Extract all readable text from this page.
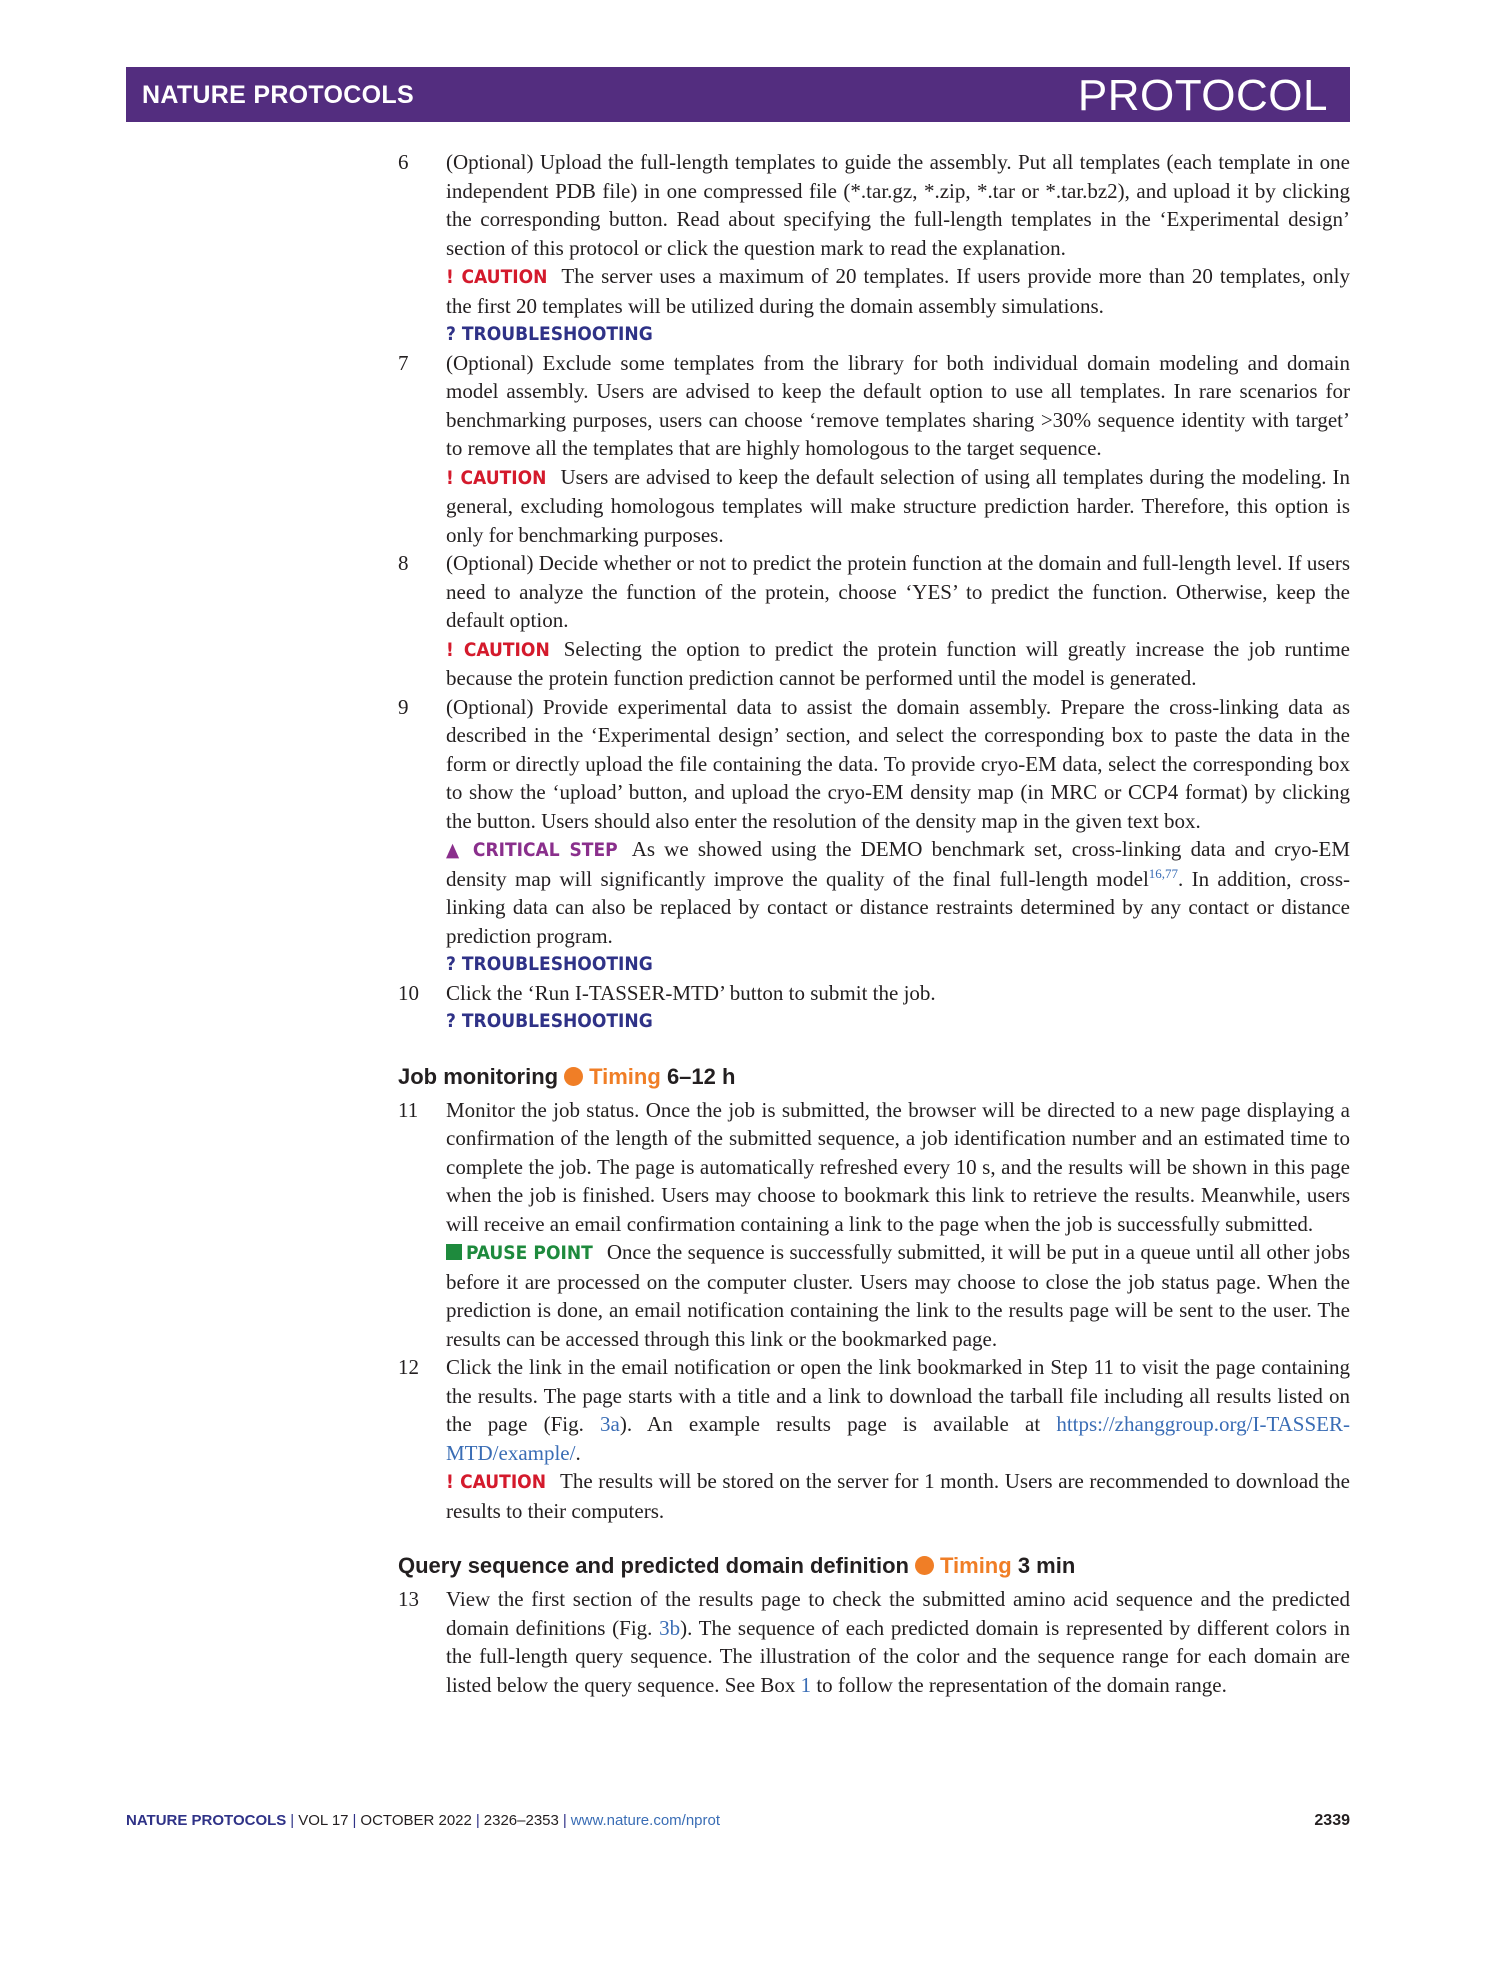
NATURE PROTOCOLS	PROTOCOL
6 (Optional) Upload the full-length templates to guide the assembly. Put all templates (each template in one independent PDB file) in one compressed file (*.tar.gz, *.zip, *.tar or *.tar.bz2), and upload it by clicking the corresponding button. Read about specifying the full-length templates in the ‘Experimental design’ section of this protocol or click the question mark to read the explanation.

! CAUTION The server uses a maximum of 20 templates. If users provide more than 20 templates, only the first 20 templates will be utilized during the domain assembly simulations.

? TROUBLESHOOTING
7 (Optional) Exclude some templates from the library for both individual domain modeling and domain model assembly. Users are advised to keep the default option to use all templates. In rare scenarios for benchmarking purposes, users can choose ‘remove templates sharing >30% sequence identity with target’ to remove all the templates that are highly homologous to the target sequence.

! CAUTION Users are advised to keep the default selection of using all templates during the modeling. In general, excluding homologous templates will make structure prediction harder. Therefore, this option is only for benchmarking purposes.

8 (Optional) Decide whether or not to predict the protein function at the domain and full-length level. If users need to analyze the function of the protein, choose ‘YES’ to predict the function. Otherwise, keep the default option.

! CAUTION Selecting the option to predict the protein function will greatly increase the job runtime because the protein function prediction cannot be performed until the model is generated.

9 (Optional) Provide experimental data to assist the domain assembly. Prepare the cross-linking data as described in the ‘Experimental design’ section, and select the corresponding box to paste the data in the form or directly upload the file containing the data. To provide cryo-EM data, select the corresponding box to show the ‘upload’ button, and upload the cryo-EM density map (in MRC or CCP4 format) by clicking the button. Users should also enter the resolution of the density map in the given text box.

▲ CRITICAL STEP As we showed using the DEMO benchmark set, cross-linking data and cryo-EM density map will significantly improve the quality of the final full-length model$^{16,77}$. In addition, cross-linking data can also be replaced by contact or distance restraints determined by any contact or distance prediction program.

? TROUBLESHOOTING
10 Click the ‘Run I-TASSER-MTD’ button to submit the job.

? TROUBLESHOOTING
Job monitoring Timing 6–12 h
11 Monitor the job status. Once the job is submitted, the browser will be directed to a new page displaying a confirmation of the length of the submitted sequence, a job identification number and an estimated time to complete the job. The page is automatically refreshed every 10 s, and the results will be shown in this page when the job is finished. Users may choose to bookmark this link to retrieve the results. Meanwhile, users will receive an email confirmation containing a link to the page when the job is successfully submitted.

PAUSE POINT Once the sequence is successfully submitted, it will be put in a queue until all other jobs before it are processed on the computer cluster. Users may choose to close the job status page. When the prediction is done, an email notification containing the link to the results page will be sent to the user. The results can be accessed through this link or the bookmarked page.

12 Click the link in the email notification or open the link bookmarked in Step 11 to visit the page containing the results. The page starts with a title and a link to download the tarball file including all results listed on the page (Fig. 3a). An example results page is available at https://zhanggroup.org/I-TASSER-MTD/example/.

! CAUTION The results will be stored on the server for 1 month. Users are recommended to download the results to their computers.

Query sequence and predicted domain definition Timing 3 min
13 View the first section of the results page to check the submitted amino acid sequence and the predicted domain definitions (Fig. 3b). The sequence of each predicted domain is represented by different colors in the full-length query sequence. The illustration of the color and the sequence range for each domain are listed below the query sequence. See Box 1 to follow the representation of the domain range.

NATURE PROTOCOLS | VOL 17 | OCTOBER 2022 | 2326–2353 | www.nature.com/nprot	2339
